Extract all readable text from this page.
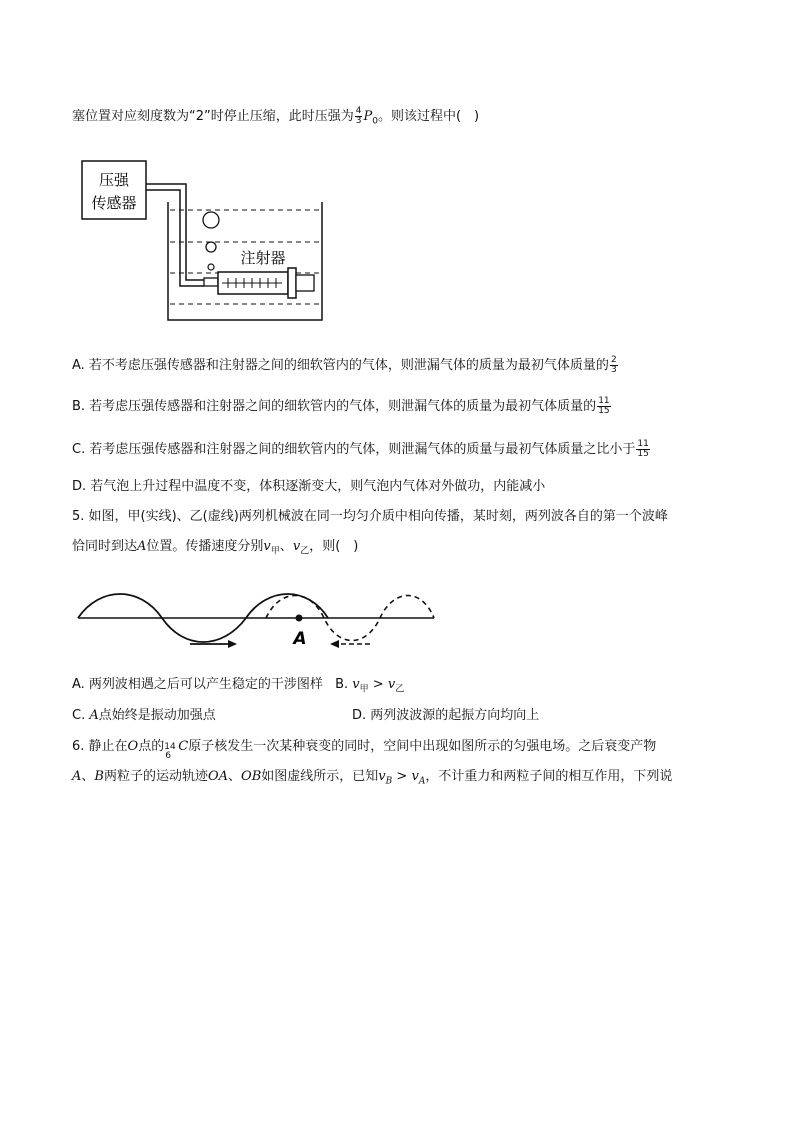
塞位置对应刻度数为“2”时停止压缩，此时压强为 $\frac{4}{3} P_0$。则该过程中(　)
压强
传感器
注射器
A. 若不考虑压强传感器和注射器之间的细软管内的气体，则泄漏气体的质量为最初气体质量的 $\frac{2}{3}$
B. 若考虑压强传感器和注射器之间的细软管内的气体，则泄漏气体的质量为最初气体质量的 $\frac{11}{15}$
C. 若考虑压强传感器和注射器之间的细软管内的气体，则泄漏气体的质量与最初气体质量之比小于 $\frac{11}{15}$
D. 若气泡上升过程中温度不变，体积逐渐变大，则气泡内气体对外做功，内能减小
5. 如图，甲(实线)、乙(虚线)两列机械波在同一均匀介质中相向传播，某时刻，两列波各自的第一个波峰
恰同时到达A位置。传播速度分别$v_甲$、$v_乙$，则(　)
A
A. 两列波相遇之后可以产生稳定的干涉图样 B. $v_甲 > v_乙$
C. A点始终是振动加强点	D. 两列波波源的起振方向均向上
6. 静止在O点的 14
6
C原子核发生一次某种衰变的同时，空间中出现如图所示的匀强电场。之后衰变产物
A、B两粒子的运动轨迹OA、OB如图虚线所示，已知$v_B > v_A$，不计重力和两粒子间的相互作用，下列说
